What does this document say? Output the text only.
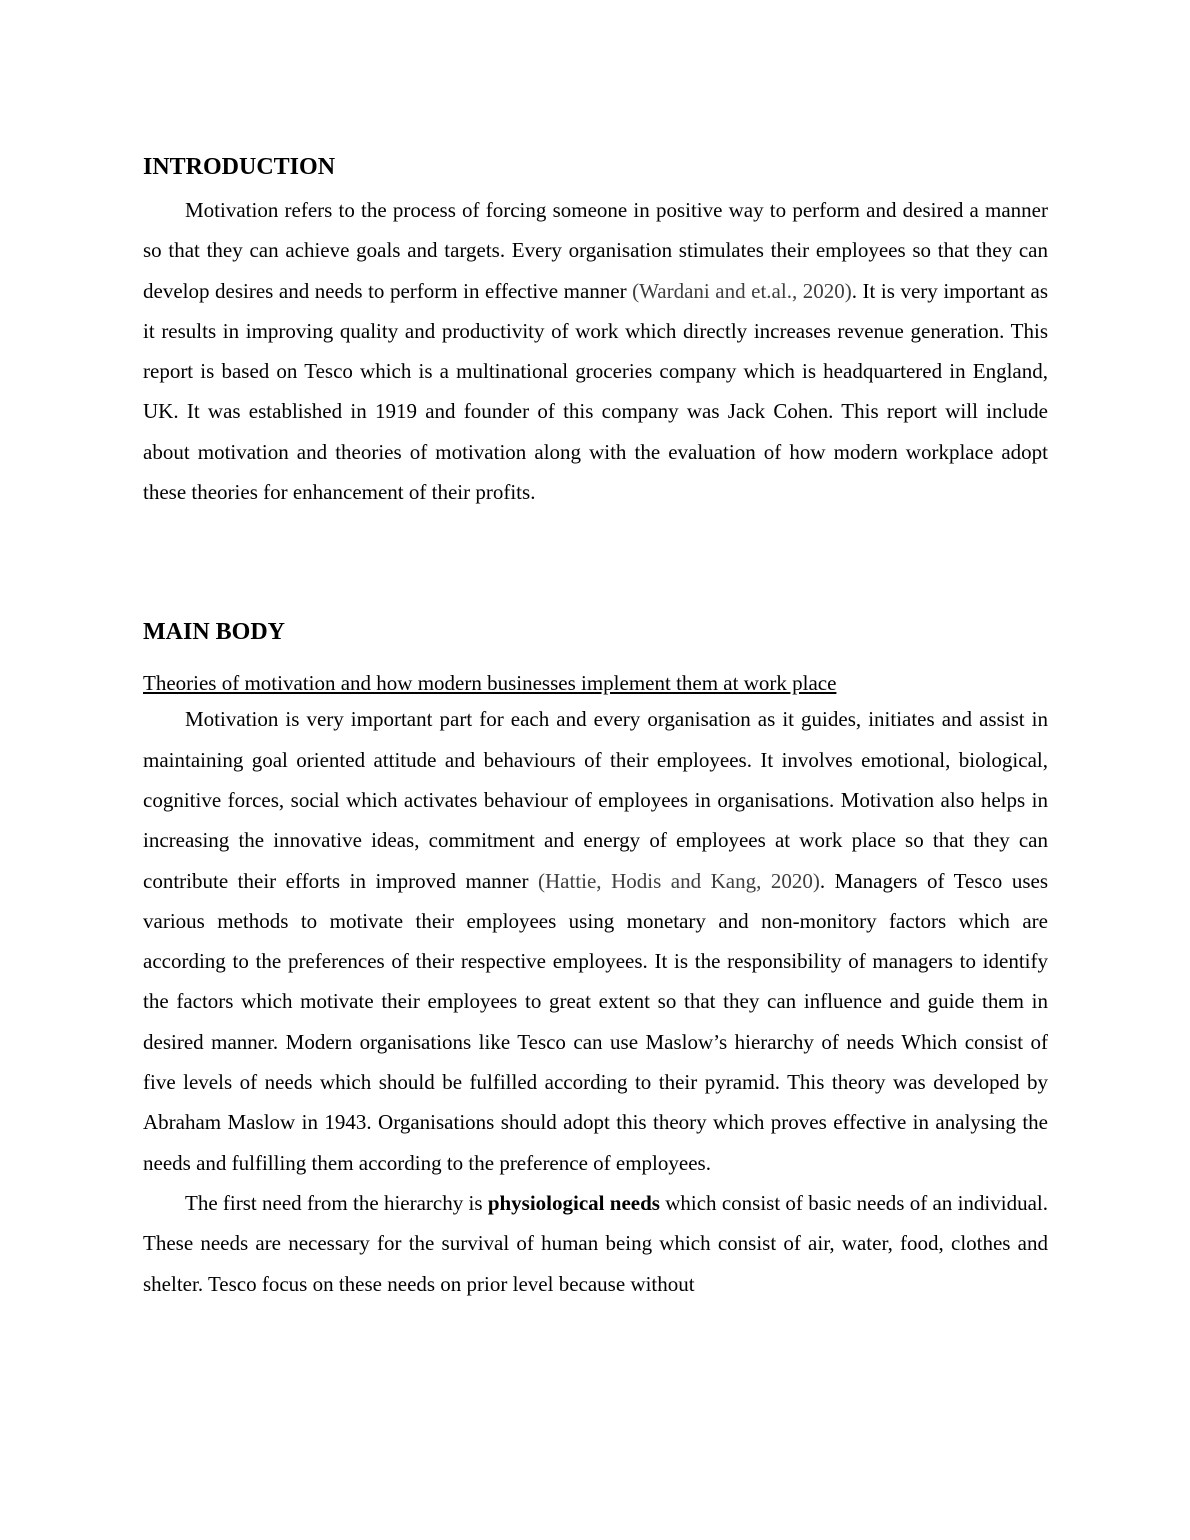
INTRODUCTION

Motivation refers to the process of forcing someone in positive way to perform and desired a manner so that they can achieve goals and targets. Every organisation stimulates their employees so that they can develop desires and needs to perform in effective manner (Wardani and et.al., 2020). It is very important as it results in improving quality and productivity of work which directly increases revenue generation. This report is based on Tesco which is a multinational groceries company which is headquartered in England, UK. It was established in 1919 and founder of this company was Jack Cohen. This report will include about motivation and theories of motivation along with the evaluation of how modern workplace adopt these theories for enhancement of their profits.

MAIN BODY
Theories of motivation and how modern businesses implement them at work place

Motivation is very important part for each and every organisation as it guides, initiates and assist in maintaining goal oriented attitude and behaviours of their employees. It involves emotional, biological, cognitive forces, social which activates behaviour of employees in organisations. Motivation also helps in increasing the innovative ideas, commitment and energy of employees at work place so that they can contribute their efforts in improved manner (Hattie, Hodis and Kang, 2020). Managers of Tesco uses various methods to motivate their employees using monetary and non-monitory factors which are according to the preferences of their respective employees. It is the responsibility of managers to identify the factors which motivate their employees to great extent so that they can influence and guide them in desired manner. Modern organisations like Tesco can use Maslow’s hierarchy of needs Which consist of five levels of needs which should be fulfilled according to their pyramid. This theory was developed by Abraham Maslow in 1943. Organisations should adopt this theory which proves effective in analysing the needs and fulfilling them according to the preference of employees.

The first need from the hierarchy is physiological needs which consist of basic needs of an individual. These needs are necessary for the survival of human being which consist of air, water, food, clothes and shelter. Tesco focus on these needs on prior level because without
